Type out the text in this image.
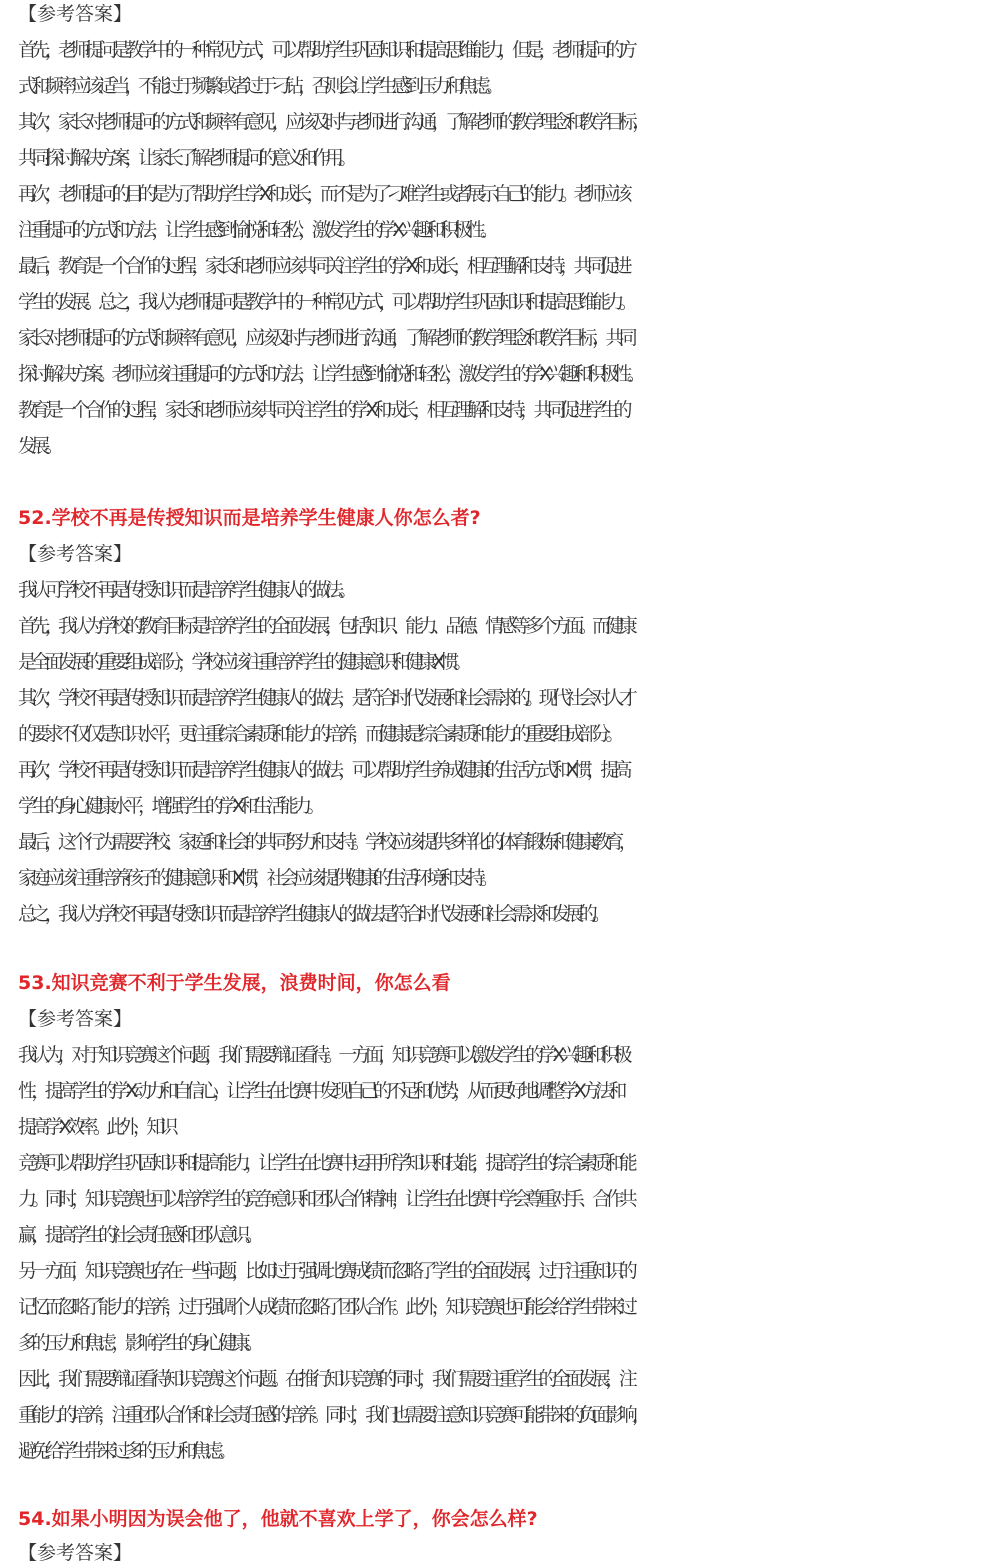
【参考答案】
首先，老师提问是教学中的一种常见方式，可以帮助学生巩固知识和提高思维能力，但是，老师提问的方
式和频率应该适当，不能过于频繁或者过于刁钻，否则会让学生感到压力和焦虑。
其次，家长对老师提问的方式和频率有意见，应该及时与老师进行沟通，了解老师的教学理念和教学目标，
共同探讨解决方案，让家长了解老师提问的意义和作用。
再次，老师提问的目的是为了帮助学生学 X 和成长，而不是为了刁难学生或者展示自己的能力。老师应该
注重提问的方式和方法，让学生感到愉悦和轻松，激发学生的学 X 兴趣和积极性。
最后，教育是一个合作的过程，家长和老师应该共同关注学生的学 X 和成长，相互理解和支持，共同促进
学生的发展。总之，我认为老师提问是教学中的一种常见方式，可以帮助学生巩固知识和提高思维能力。
家长对老师提问的方式和频率有意见，应该及时与老师进行沟通，了解老师的教学理念和教学目标，共同
探讨解决方案。老师应该注重提问的方式和方法，让学生感到愉悦和轻松，激发学生的学 X 兴趣和积极性。
教育是一个合作的过程，家长和老师应该共同关注学生的学 X 和成长，相互理解和支持，共同促进学生的
发展。
52.学校不再是传授知识而是培养学生健康人你怎么者?
【参考答案】
我认可学校不再是传授知识而是培养学生健康人的做法。
首先，我认为学校的教育目标是培养学生的全面发展，包括知识、能力、品德、情感等多个方面。而健康
是全面发展的重要组成部分，学校应该注重培养学生的健康意识和健康 X 惯。
其次，学校不再是传授知识而是培养学生健康人的做法，是符合时代发展和社会需求的。现代社会对人才
的要求不仅仅是知识水平，更注重综合素质和能力的培养，而健康是综合素质和能力的重要组成部分。
再次，学校不再是传授知识而是培养学生健康人的做法，可以帮助学生养成健康的生活方式和 X 惯，提高
学生的身心健康水平，增强学生的学 X 和生活能力。
最后，这个行为需要学校、家庭和社会的共同努力和支持。学校应该提供多样化的体育锻炼和健康教育，
家庭应该注重培养孩子的健康意识和 X 惯，社会应该提供健康的生活环境和支持。
总之，我认为学校不再是传授知识而是培养学生健康人的做法是符合时代发展和社会需求和发展的。
53.知识竞赛不利于学生发展，浪费时间，你怎么看
【参考答案】
我认为，对于知识竞赛这个问题，我们需要辩证看待。一方面，知识竞赛可以激发学生的学 X 兴趣和积极
性，提高学生的学 X 动力和自信心，让学生在比赛中发现自己的不足和优势，从而更好地调整学 X 方法和
提高学 X 效率。此外，知识
竞赛可以帮助学生巩固知识和提高能力，让学生在比赛中运用所学知识和技能，提高学生的综合素质和能
力。同时，知识竞赛也可以培养学生的竞争意识和团队合作精神，让学生在比赛中学会尊重对手、合作共
赢，提高学生的社会责任感和团队意识。
另一方面，知识竞赛也存在一些问题，比如过于强调比赛成绩而忽略了学生的全面发展，过于注重知识的
记忆而忽略了能力的培养，过于强调个人成绩而忽略了团队合作。此外，知识竞赛也可能会给学生带来过
多的压力和焦虑，影响学生的身心健康。
因此，我们需要辩证看待知识竞赛这个问题。在推行知识竞赛的同时，我们需要注重学生的全面发展，注
重能力的培养，注重团队合作和社会责任感的培养。同时，我们也需要注意知识竞赛可能带来的负面影响，
避免给学生带来过多的压力和焦虑。
54.如果小明因为误会他了，他就不喜欢上学了，你会怎么样?
【参考答案】
